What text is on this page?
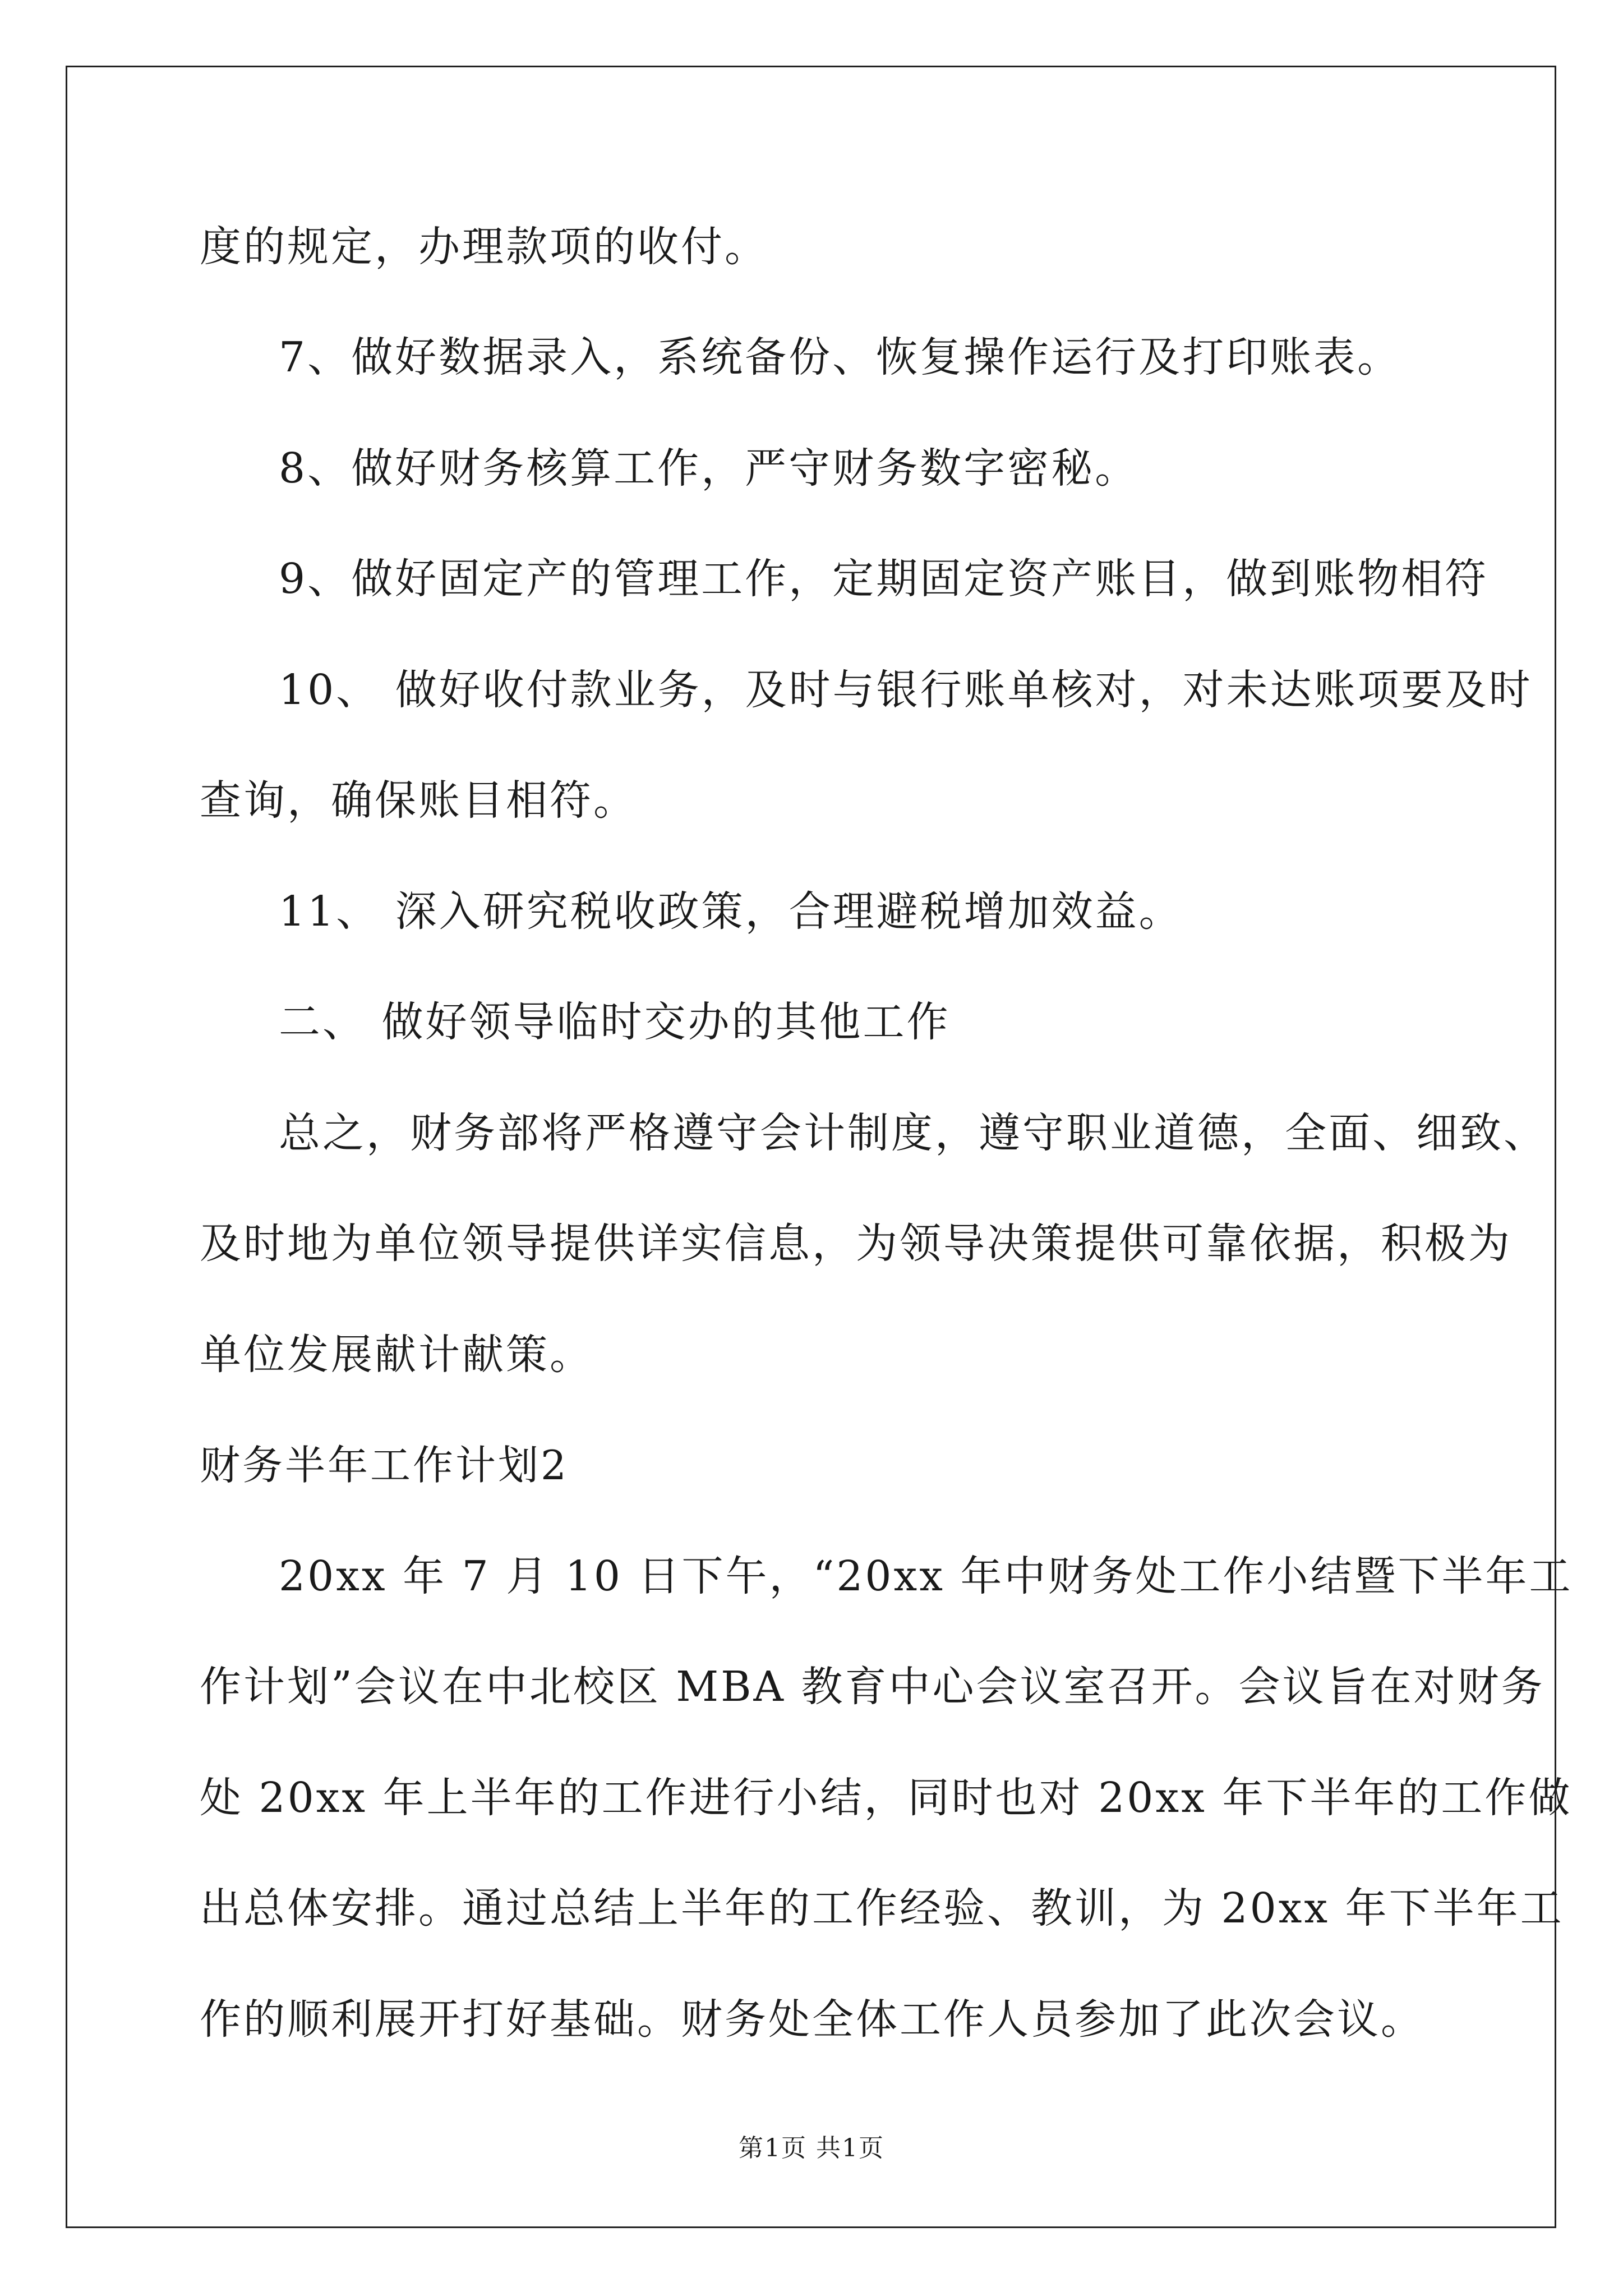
度的规定，办理款项的收付。
7、做好数据录入，系统备份、恢复操作运行及打印账表。
8、做好财务核算工作，严守财务数字密秘。
9、做好固定产的管理工作，定期固定资产账目，做到账物相符
10、 做好收付款业务，及时与银行账单核对，对未达账项要及时
查询，确保账目相符。
11、 深入研究税收政策，合理避税增加效益。
二、 做好领导临时交办的其他工作
总之，财务部将严格遵守会计制度，遵守职业道德，全面、细致、
及时地为单位领导提供详实信息，为领导决策提供可靠依据，积极为
单位发展献计献策。
财务半年工作计划2
20xx 年 7 月 10 日下午，“20xx 年中财务处工作小结暨下半年工
作计划”会议在中北校区 MBA 教育中心会议室召开。会议旨在对财务
处 20xx 年上半年的工作进行小结，同时也对 20xx 年下半年的工作做
出总体安排。通过总结上半年的工作经验、教训，为 20xx 年下半年工
作的顺利展开打好基础。财务处全体工作人员参加了此次会议。
第1页 共1页
